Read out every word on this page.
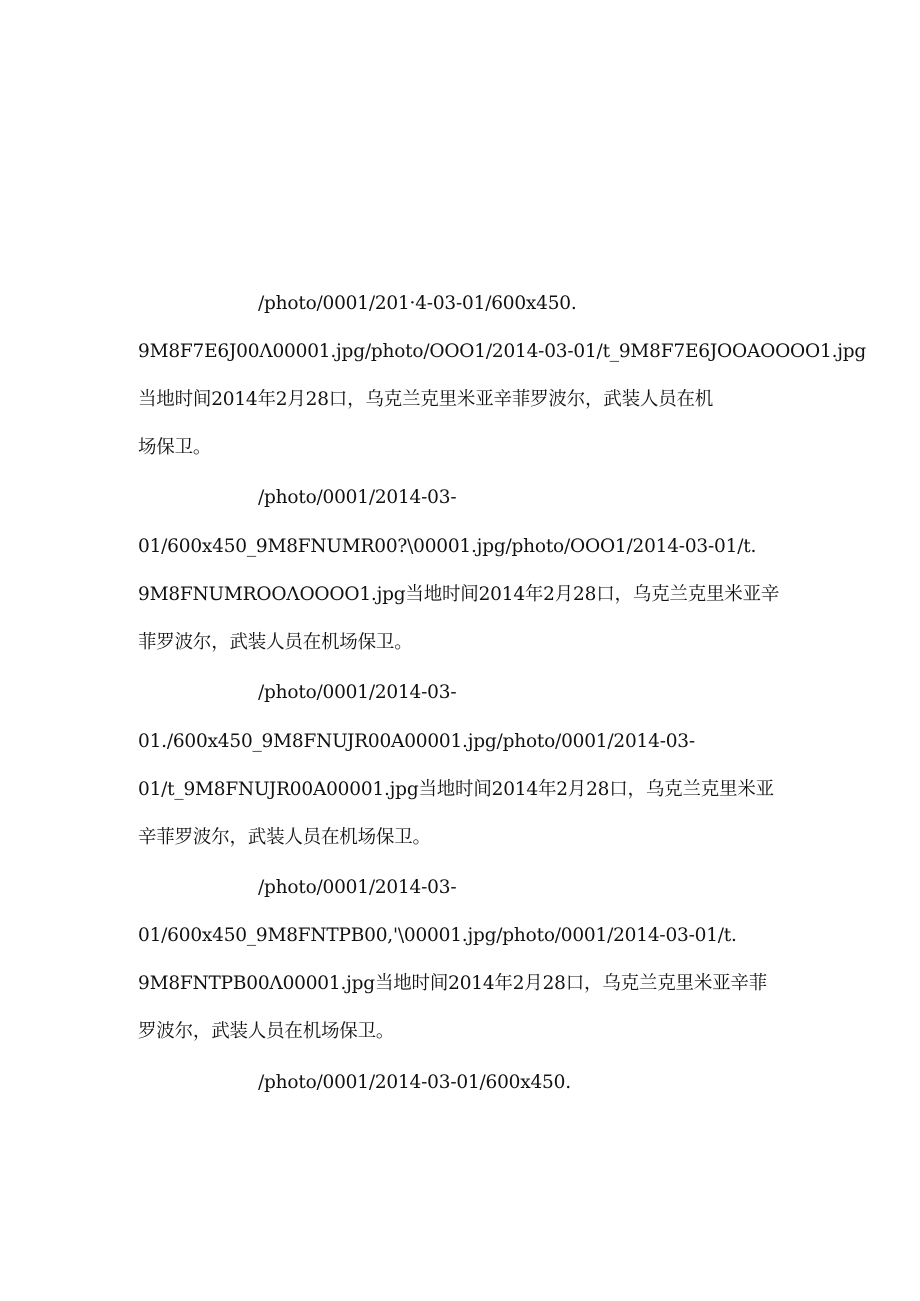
/photo/0001/201·4-03-01/600x450.
9M8F7E6J00Λ00001.jpg/photo/OOO1/2014-03-01/t_9M8F7E6JOOAOOOO1.jpg
当地时间2014年2月28口，乌克兰克里米亚辛菲罗波尔，武装人员在机
场保卫。
/photo/0001/2014-03-
01/600x450_9M8FNUMR00?\00001.jpg/photo/OOO1/2014-03-01/t.
9M8FNUMROOΛOOOO1.jpg当地时间2014年2月28口，乌克兰克里米亚辛
菲罗波尔，武装人员在机场保卫。
/photo/0001/2014-03-
01./600x450_9M8FNUJR00A00001.jpg/photo/0001/2014-03-
01/t_9M8FNUJR00A00001.jpg当地时间2014年2月28口，乌克兰克里米亚
辛菲罗波尔，武装人员在机场保卫。
/photo/0001/2014-03-
01/600x450_9M8FNTPB00,'\00001.jpg/photo/0001/2014-03-01/t.
9M8FNTPB00Λ00001.jpg当地时间2014年2月28口，乌克兰克里米亚辛菲
罗波尔，武装人员在机场保卫。
/photo/0001/2014-03-01/600x450.
